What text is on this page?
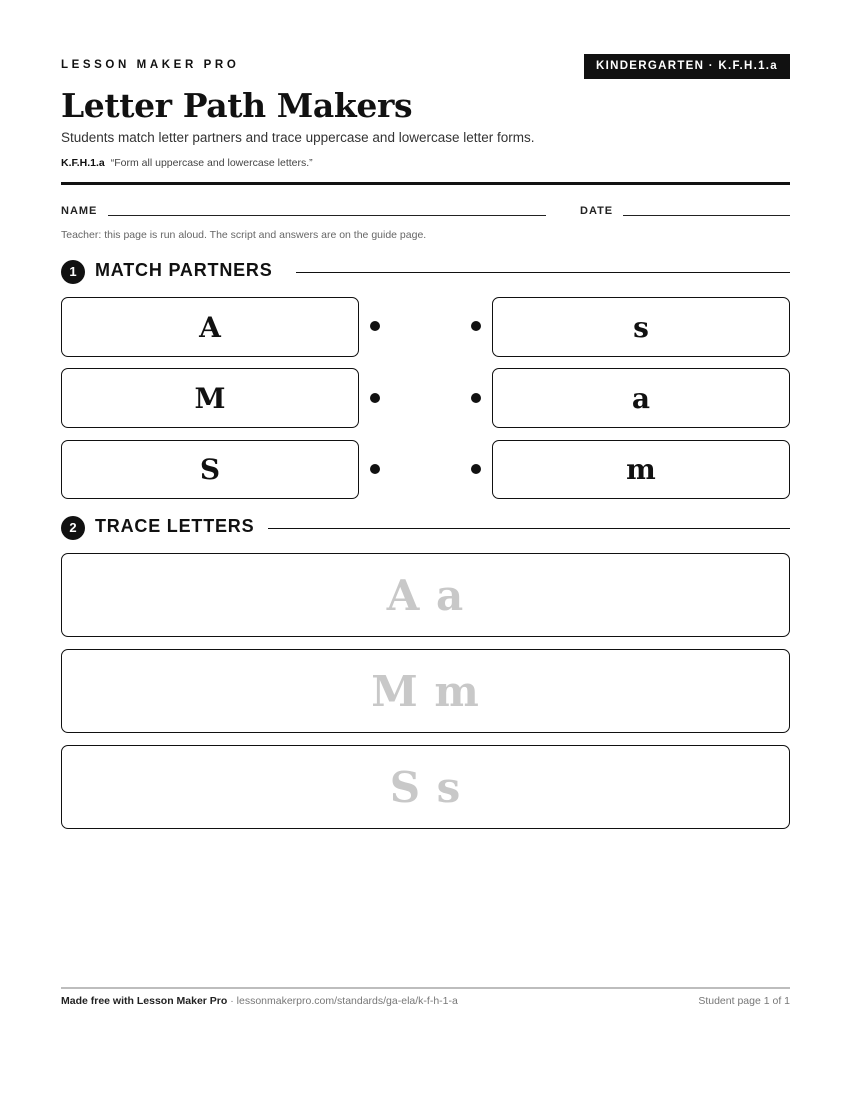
LESSON MAKER PRO	KINDERGARTEN · K.F.H.1.a
Letter Path Makers
Students match letter partners and trace uppercase and lowercase letter forms.
K.F.H.1.a “Form all uppercase and lowercase letters.”
NAME	DATE
Teacher: this page is run aloud. The script and answers are on the guide page.
1	MATCH PARTNERS
A	s
M	a
S	m
2	TRACE LETTERS
A a
M m
S s
Made free with Lesson Maker Pro · lessonmakerpro.com/standards/ga-ela/k-f-h-1-a	Student page 1 of 1
